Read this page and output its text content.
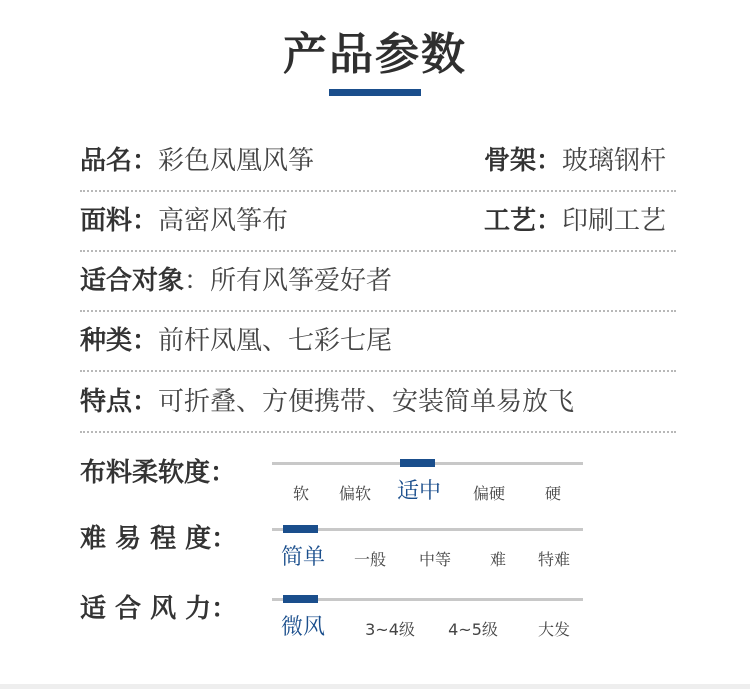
产品参数
品名：彩色凤凰风筝	骨架：玻璃钢杆
面料：高密风筝布	工艺：印刷工艺
适合对象：所有风筝爱好者
种类：前杆凤凰、七彩七尾
特点：可折叠、方便携带、安装简单易放飞
布料柔软度：
软 偏软 适中 偏硬 硬
难 易 程 度：
简单 一般 中等 难 特难
适 合 风 力：
微风	3~4级 4~5级	大发
